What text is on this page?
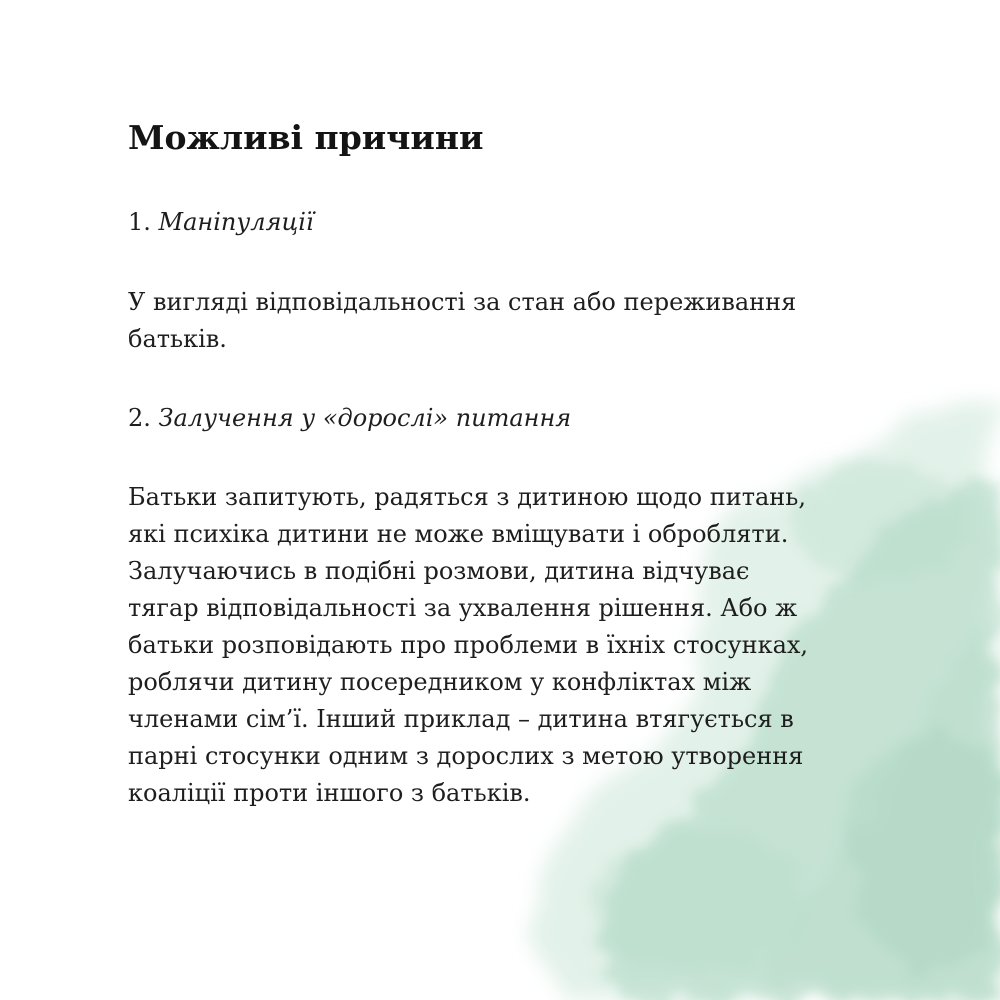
Можливі причини

1. Маніпуляції

У вигляді відповідальності за стан або переживання
батьків.

2. Залучення у «дорослі» питання

Батьки запитують, радяться з дитиною щодо питань,
які психіка дитини не може вміщувати і обробляти.
Залучаючись в подібні розмови, дитина відчуває
тягар відповідальності за ухвалення рішення. Або ж
батьки розповідають про проблеми в їхніх стосунках,
роблячи дитину посередником у конфліктах між
членами сім’ї. Інший приклад – дитина втягується в
парні стосунки одним з дорослих з метою утворення
коаліції проти іншого з батьків.
